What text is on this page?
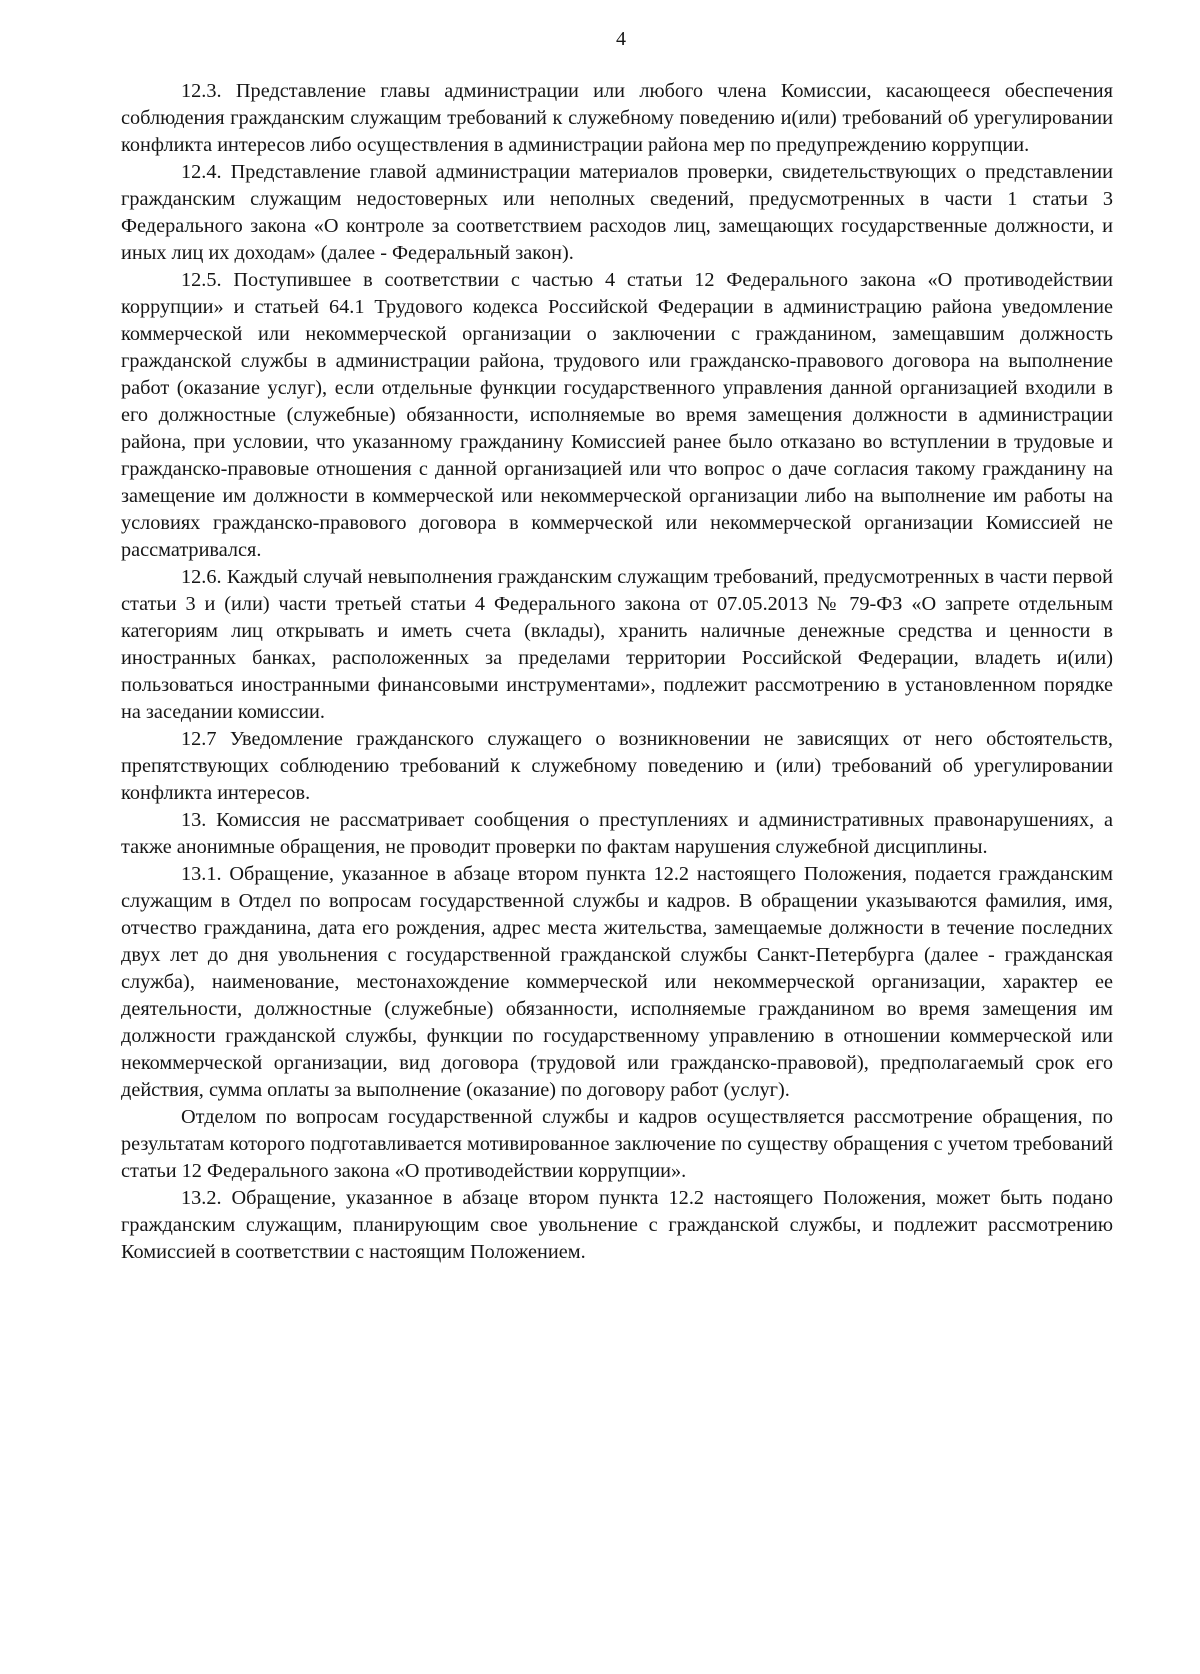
4

12.3. Представление главы администрации или любого члена Комиссии, касающееся обеспечения соблюдения гражданским служащим требований к служебному поведению и(или) требований об урегулировании конфликта интересов либо осуществления в администрации района мер по предупреждению коррупции.

12.4. Представление главой администрации материалов проверки, свидетельствующих о представлении гражданским служащим недостоверных или неполных сведений, предусмотренных в части 1 статьи 3 Федерального закона «О контроле за соответствием расходов лиц, замещающих государственные должности, и иных лиц их доходам» (далее - Федеральный закон).

12.5. Поступившее в соответствии с частью 4 статьи 12 Федерального закона «О противодействии коррупции» и статьей 64.1 Трудового кодекса Российской Федерации в администрацию района уведомление коммерческой или некоммерческой организации о заключении с гражданином, замещавшим должность гражданской службы в администрации района, трудового или гражданско-правового договора на выполнение работ (оказание услуг), если отдельные функции государственного управления данной организацией входили в его должностные (служебные) обязанности, исполняемые во время замещения должности в администрации района, при условии, что указанному гражданину Комиссией ранее было отказано во вступлении в трудовые и гражданско-правовые отношения с данной организацией или что вопрос о даче согласия такому гражданину на замещение им должности в коммерческой или некоммерческой организации либо на выполнение им работы на условиях гражданско-правового договора в коммерческой или некоммерческой организации Комиссией не рассматривался.

12.6. Каждый случай невыполнения гражданским служащим требований, предусмотренных в части первой статьи 3 и (или) части третьей статьи 4 Федерального закона от 07.05.2013 № 79-ФЗ «О запрете отдельным категориям лиц открывать и иметь счета (вклады), хранить наличные денежные средства и ценности в иностранных банках, расположенных за пределами территории Российской Федерации, владеть и(или) пользоваться иностранными финансовыми инструментами», подлежит рассмотрению в установленном порядке на заседании комиссии.

12.7 Уведомление гражданского служащего о возникновении не зависящих от него обстоятельств, препятствующих соблюдению требований к служебному поведению и (или) требований об урегулировании конфликта интересов.

13. Комиссия не рассматривает сообщения о преступлениях и административных правонарушениях, а также анонимные обращения, не проводит проверки по фактам нарушения служебной дисциплины.

13.1. Обращение, указанное в абзаце втором пункта 12.2 настоящего Положения, подается гражданским служащим в Отдел по вопросам государственной службы и кадров. В обращении указываются фамилия, имя, отчество гражданина, дата его рождения, адрес места жительства, замещаемые должности в течение последних двух лет до дня увольнения с государственной гражданской службы Санкт-Петербурга (далее - гражданская служба), наименование, местонахождение коммерческой или некоммерческой организации, характер ее деятельности, должностные (служебные) обязанности, исполняемые гражданином во время замещения им должности гражданской службы, функции по государственному управлению в отношении коммерческой или некоммерческой организации, вид договора (трудовой или гражданско-правовой), предполагаемый срок его действия, сумма оплаты за выполнение (оказание) по договору работ (услуг).

Отделом по вопросам государственной службы и кадров осуществляется рассмотрение обращения, по результатам которого подготавливается мотивированное заключение по существу обращения с учетом требований статьи 12 Федерального закона «О противодействии коррупции».

13.2. Обращение, указанное в абзаце втором пункта 12.2 настоящего Положения, может быть подано гражданским служащим, планирующим свое увольнение с гражданской службы, и подлежит рассмотрению Комиссией в соответствии с настоящим Положением.
